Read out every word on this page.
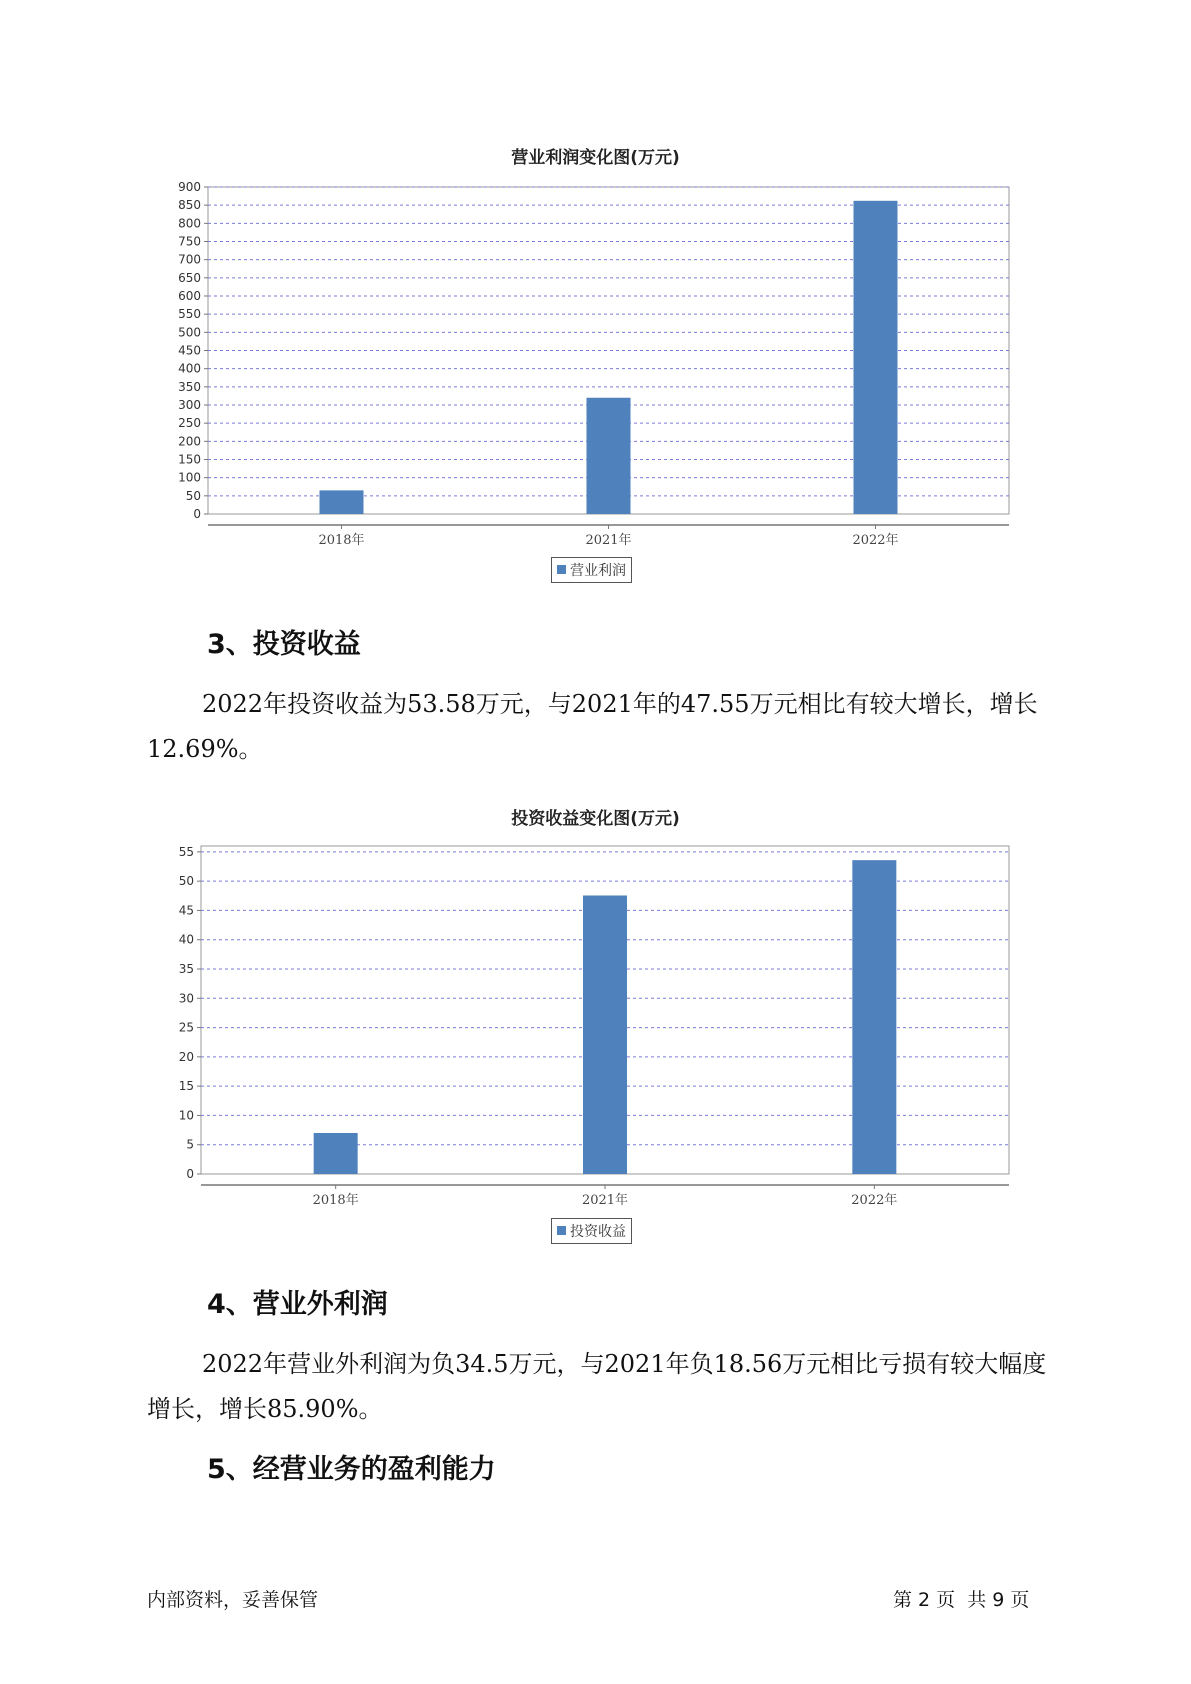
营业利润变化图(万元)
0
50
100
150
200
250
300
350
400
450
500
550
600
650
700
750
800
850
900
2018年	2021年	2022年
营业利润
3、投资收益
2022年投资收益为53.58万元，与2021年的47.55万元相比有较大增长，增长12.69%。
投资收益变化图(万元)
0
5
10
15
20
25
30
35
40
45
50
55
2018年	2021年	2022年
投资收益
4、营业外利润
2022年营业外利润为负34.5万元，与2021年负18.56万元相比亏损有较大幅度增长，增长85.90%。
5、经营业务的盈利能力
内部资料，妥善保管	第 2 页  共 9 页
